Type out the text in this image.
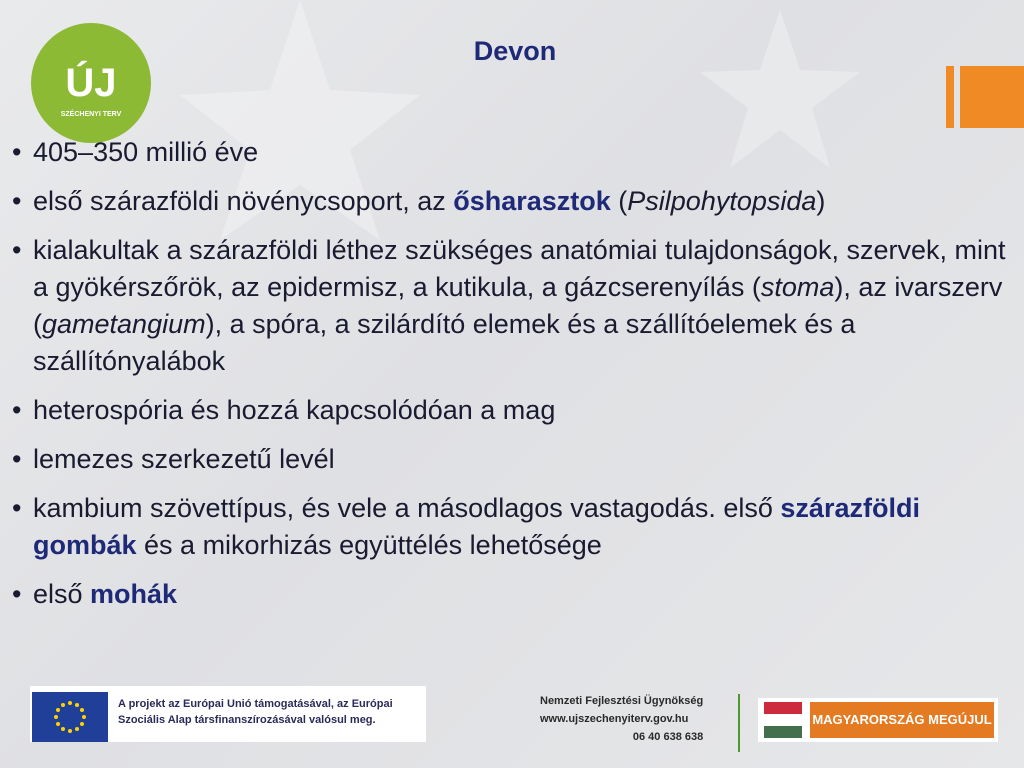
ÚJ
SZÉCHENYI TERV
Devon
• 405–350 millió éve
• első szárazföldi növénycsoport, az ősharasztok (Psilpohytopsida)
• kialakultak a szárazföldi léthez szükséges anatómiai tulajdonságok, szervek, mint a gyökérszőrök, az epidermisz, a kutikula, a gázcserenyílás (stoma), az ivarszerv (gametangium), a spóra, a szilárdító elemek és a szállítóelemek és a szállítónyalábok
• heterospória és hozzá kapcsolódóan a mag
• lemezes szerkezetű levél
• kambium szövettípus, és vele a másodlagos vastagodás. első szárazföldi gombák és a mikorhizás együttélés lehetősége
• első mohák
A projekt az Európai Unió támogatásával, az Európai
Szociális Alap társfinanszírozásával valósul meg.
Nemzeti Fejlesztési Ügynökség
www.ujszechenyiterv.gov.hu
06 40 638 638
MAGYARORSZÁG MEGÚJUL
